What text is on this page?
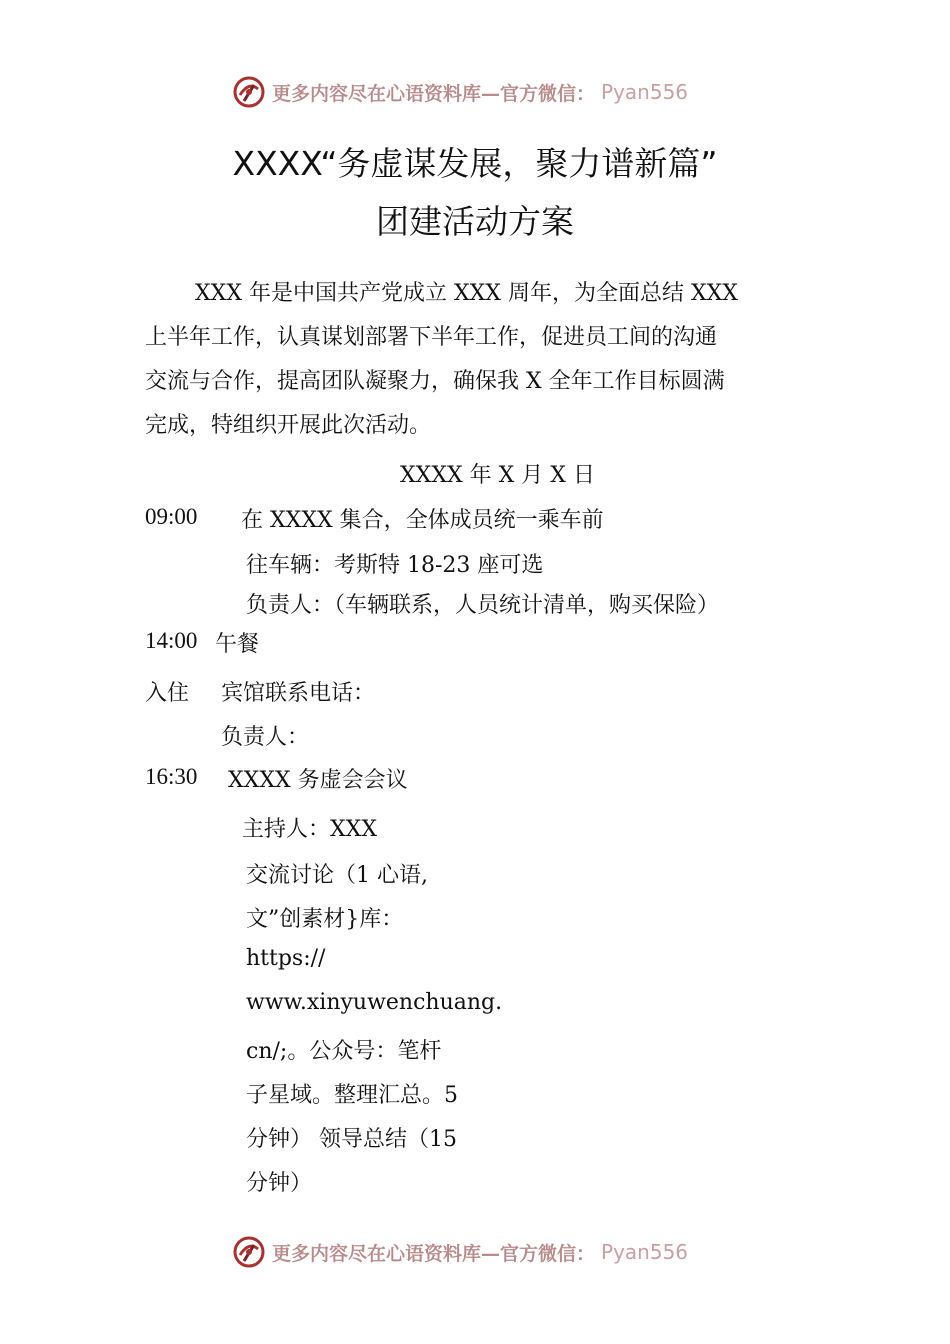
更多内容尽在心语资料库—官方微信： Pyan556
XXXX“务虚谋发展，聚力谱新篇”
团建活动方案
XXX 年是中国共产党成立 XXX 周年，为全面总结 XXX
上半年工作，认真谋划部署下半年工作，促进员工间的沟通
交流与合作，提高团队凝聚力，确保我 X 全年工作目标圆满
完成，特组织开展此次活动。
XXXX 年 X 月 X 日
09:00 在 XXXX 集合，全体成员统一乘车前
往车辆：考斯特 18-23 座可选
负责人：（车辆联系，人员统计清单，购买保险）
14:00 午餐
入住 宾馆联系电话：
负责人：
16:30 XXXX 务虚会会议
主持人：XXX
交流讨论（1 心语,
文”创素材}库：
https://
www.xinyuwenchuang.
cn/;。公众号：笔杆
子星域。整理汇总。5
分钟） 领导总结（15
分钟）
更多内容尽在心语资料库—官方微信： Pyan556
